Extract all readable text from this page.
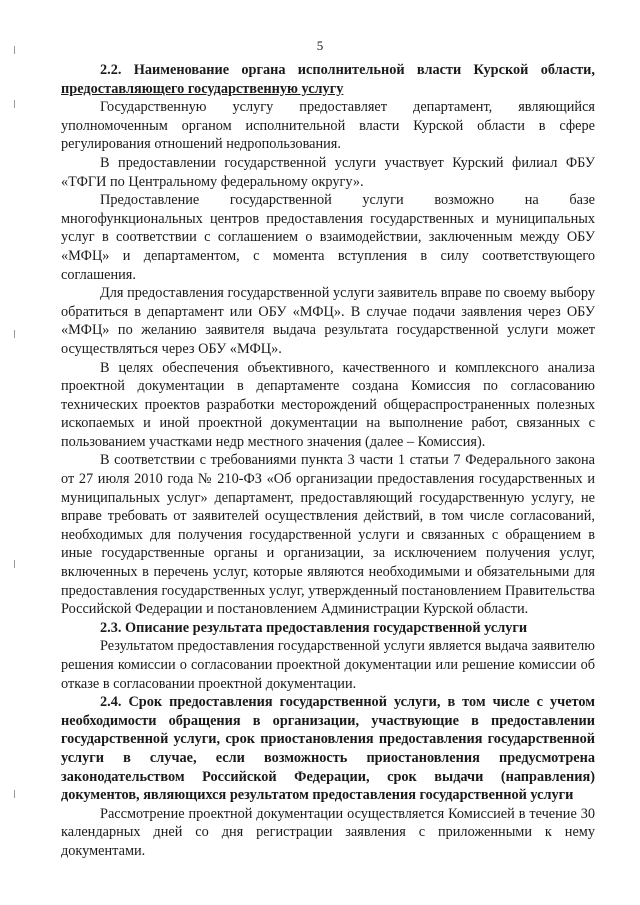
5

2.2. Наименование органа исполнительной власти Курской области, предоставляющего государственную услугу

Государственную услугу предоставляет департамент, являющийся уполномоченным органом исполнительной власти Курской области в сфере регулирования отношений недропользования.

В предоставлении государственной услуги участвует Курский филиал ФБУ «ТФГИ по Центральному федеральному округу».

Предоставление государственной услуги возможно на базе многофункциональных центров предоставления государственных и муниципальных услуг в соответствии с соглашением о взаимодействии, заключенным между ОБУ «МФЦ» и департаментом, с момента вступления в силу соответствующего соглашения.

Для предоставления государственной услуги заявитель вправе по своему выбору обратиться в департамент или ОБУ «МФЦ». В случае подачи заявления через ОБУ «МФЦ» по желанию заявителя выдача результата государственной услуги может осуществляться через ОБУ «МФЦ».

В целях обеспечения объективного, качественного и комплексного анализа проектной документации в департаменте создана Комиссия по согласованию технических проектов разработки месторождений общераспространенных полезных ископаемых и иной проектной документации на выполнение работ, связанных с пользованием участками недр местного значения (далее – Комиссия).

В соответствии с требованиями пункта 3 части 1 статьи 7 Федерального закона от 27 июля 2010 года № 210-ФЗ «Об организации предоставления государственных и муниципальных услуг» департамент, предоставляющий государственную услугу, не вправе требовать от заявителей осуществления действий, в том числе согласований, необходимых для получения государственной услуги и связанных с обращением в иные государственные органы и организации, за исключением получения услуг, включенных в перечень услуг, которые являются необходимыми и обязательными для предоставления государственных услуг, утвержденный постановлением Правительства Российской Федерации и постановлением Администрации Курской области.

2.3. Описание результата предоставления государственной услуги

Результатом предоставления государственной услуги является выдача заявителю решения комиссии о согласовании проектной документации или решение комиссии об отказе в согласовании проектной документации.

2.4. Срок предоставления государственной услуги, в том числе с учетом необходимости обращения в организации, участвующие в предоставлении государственной услуги, срок приостановления предоставления государственной услуги в случае, если возможность приостановления предусмотрена законодательством Российской Федерации, срок выдачи (направления) документов, являющихся результатом предоставления государственной услуги

Рассмотрение проектной документации осуществляется Комиссией в течение 30 календарных дней со дня регистрации заявления с приложенными к нему документами.
